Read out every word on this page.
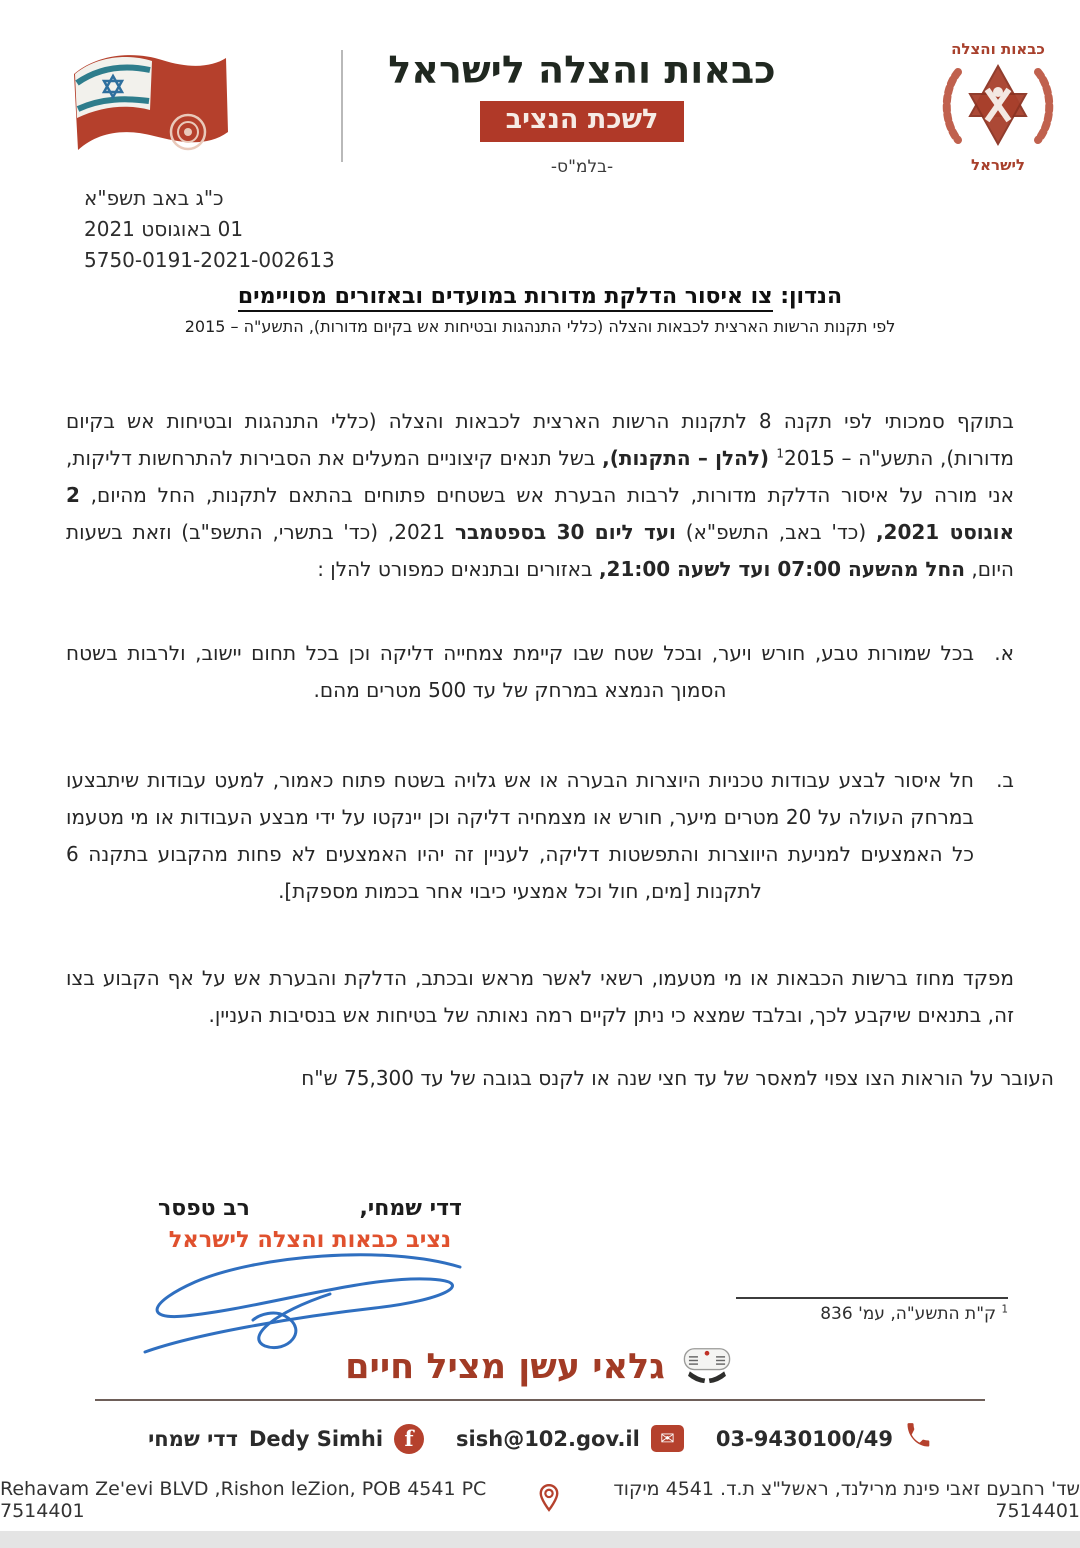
כבאות והצלה לישראל
לשכת הנציב
-בלמ"ס-
כבאות והצלה
לישראל
כ"ג באב תשפ"א
01 באוגוסט 2021
5750-0191-2021-002613
הנדון: צו איסור הדלקת מדורות במועדים ובאזורים מסויימים
לפי תקנות הרשות הארצית לכבאות והצלה (כללי התנהגות ובטיחות אש בקיום מדורות), התשע"ה – 2015

בתוקף סמכותי לפי תקנה 8 לתקנות הרשות הארצית לכבאות והצלה (כללי התנהגות ובטיחות אש בקיום מדורות), התשע"ה – 2015$^1$ (להלן – התקנות), בשל תנאים קיצוניים המעלים את הסבירות להתרחשות דליקות, אני מורה על איסור הדלקת מדורות, לרבות הבערת אש בשטחים פתוחים בהתאם לתקנות, החל מהיום, 2 אוגוסט 2021, (כד' באב, התשפ"א) ועד ליום 30 בספטמבר 2021, (כד' בתשרי, התשפ"ב) וזאת בשעות היום, החל מהשעה 07:00 ועד לשעה 21:00, באזורים ובתנאים כמפורט להלן :

א.
בכל שמורות טבע, חורש ויער, ובכל שטח שבו קיימת צמחייה דליקה וכן בכל תחום יישוב, ולרבות בשטח הסמוך הנמצא במרחק של עד 500 מטרים מהם.
ב.
חל איסור לבצע עבודות טכניות היוצרות הבערה או אש גלויה בשטח פתוח כאמור, למעט עבודות שיתבצעו במרחק העולה על 20 מטרים מיער, חורש או מצמחיה דליקה וכן יינקטו על ידי מבצע העבודות או מי מטעמו כל האמצעים למניעת היווצרות והתפשטות דליקה, לעניין זה יהיו האמצעים לא פחות מהקבוע בתקנה 6 לתקנות [מים, חול וכל אמצעי כיבוי אחר בכמות מספקת].

מפקד מחוז ברשות הכבאות או מי מטעמו, רשאי לאשר מראש ובכתב, הדלקת והבערת אש על אף הקבוע בצו זה, בתנאים שיקבע לכך, ובלבד שמצא כי ניתן לקיים רמה נאותה של בטיחות אש בנסיבות העניין.

העובר על הוראות הצו צפוי למאסר של עד חצי שנה או לקנס בגובה של עד 75,300 ש"ח

דדי שמחי,
רב טפסר
נציב כבאות והצלה לישראל
$^1$ ק"ת התשע"ה, עמ' 836
גלאי עשן מציל חיים
03-9430100/49
✉
sish@102.gov.il
f
Dedy Simhi
דדי שמחי
שד' רחבעם זאבי פינת מרילנד, ראשל"צ ת.ד. 4541 מיקוד 7514401
Rehavam Ze'evi BLVD ,Rishon leZion, POB 4541 PC 7514401
